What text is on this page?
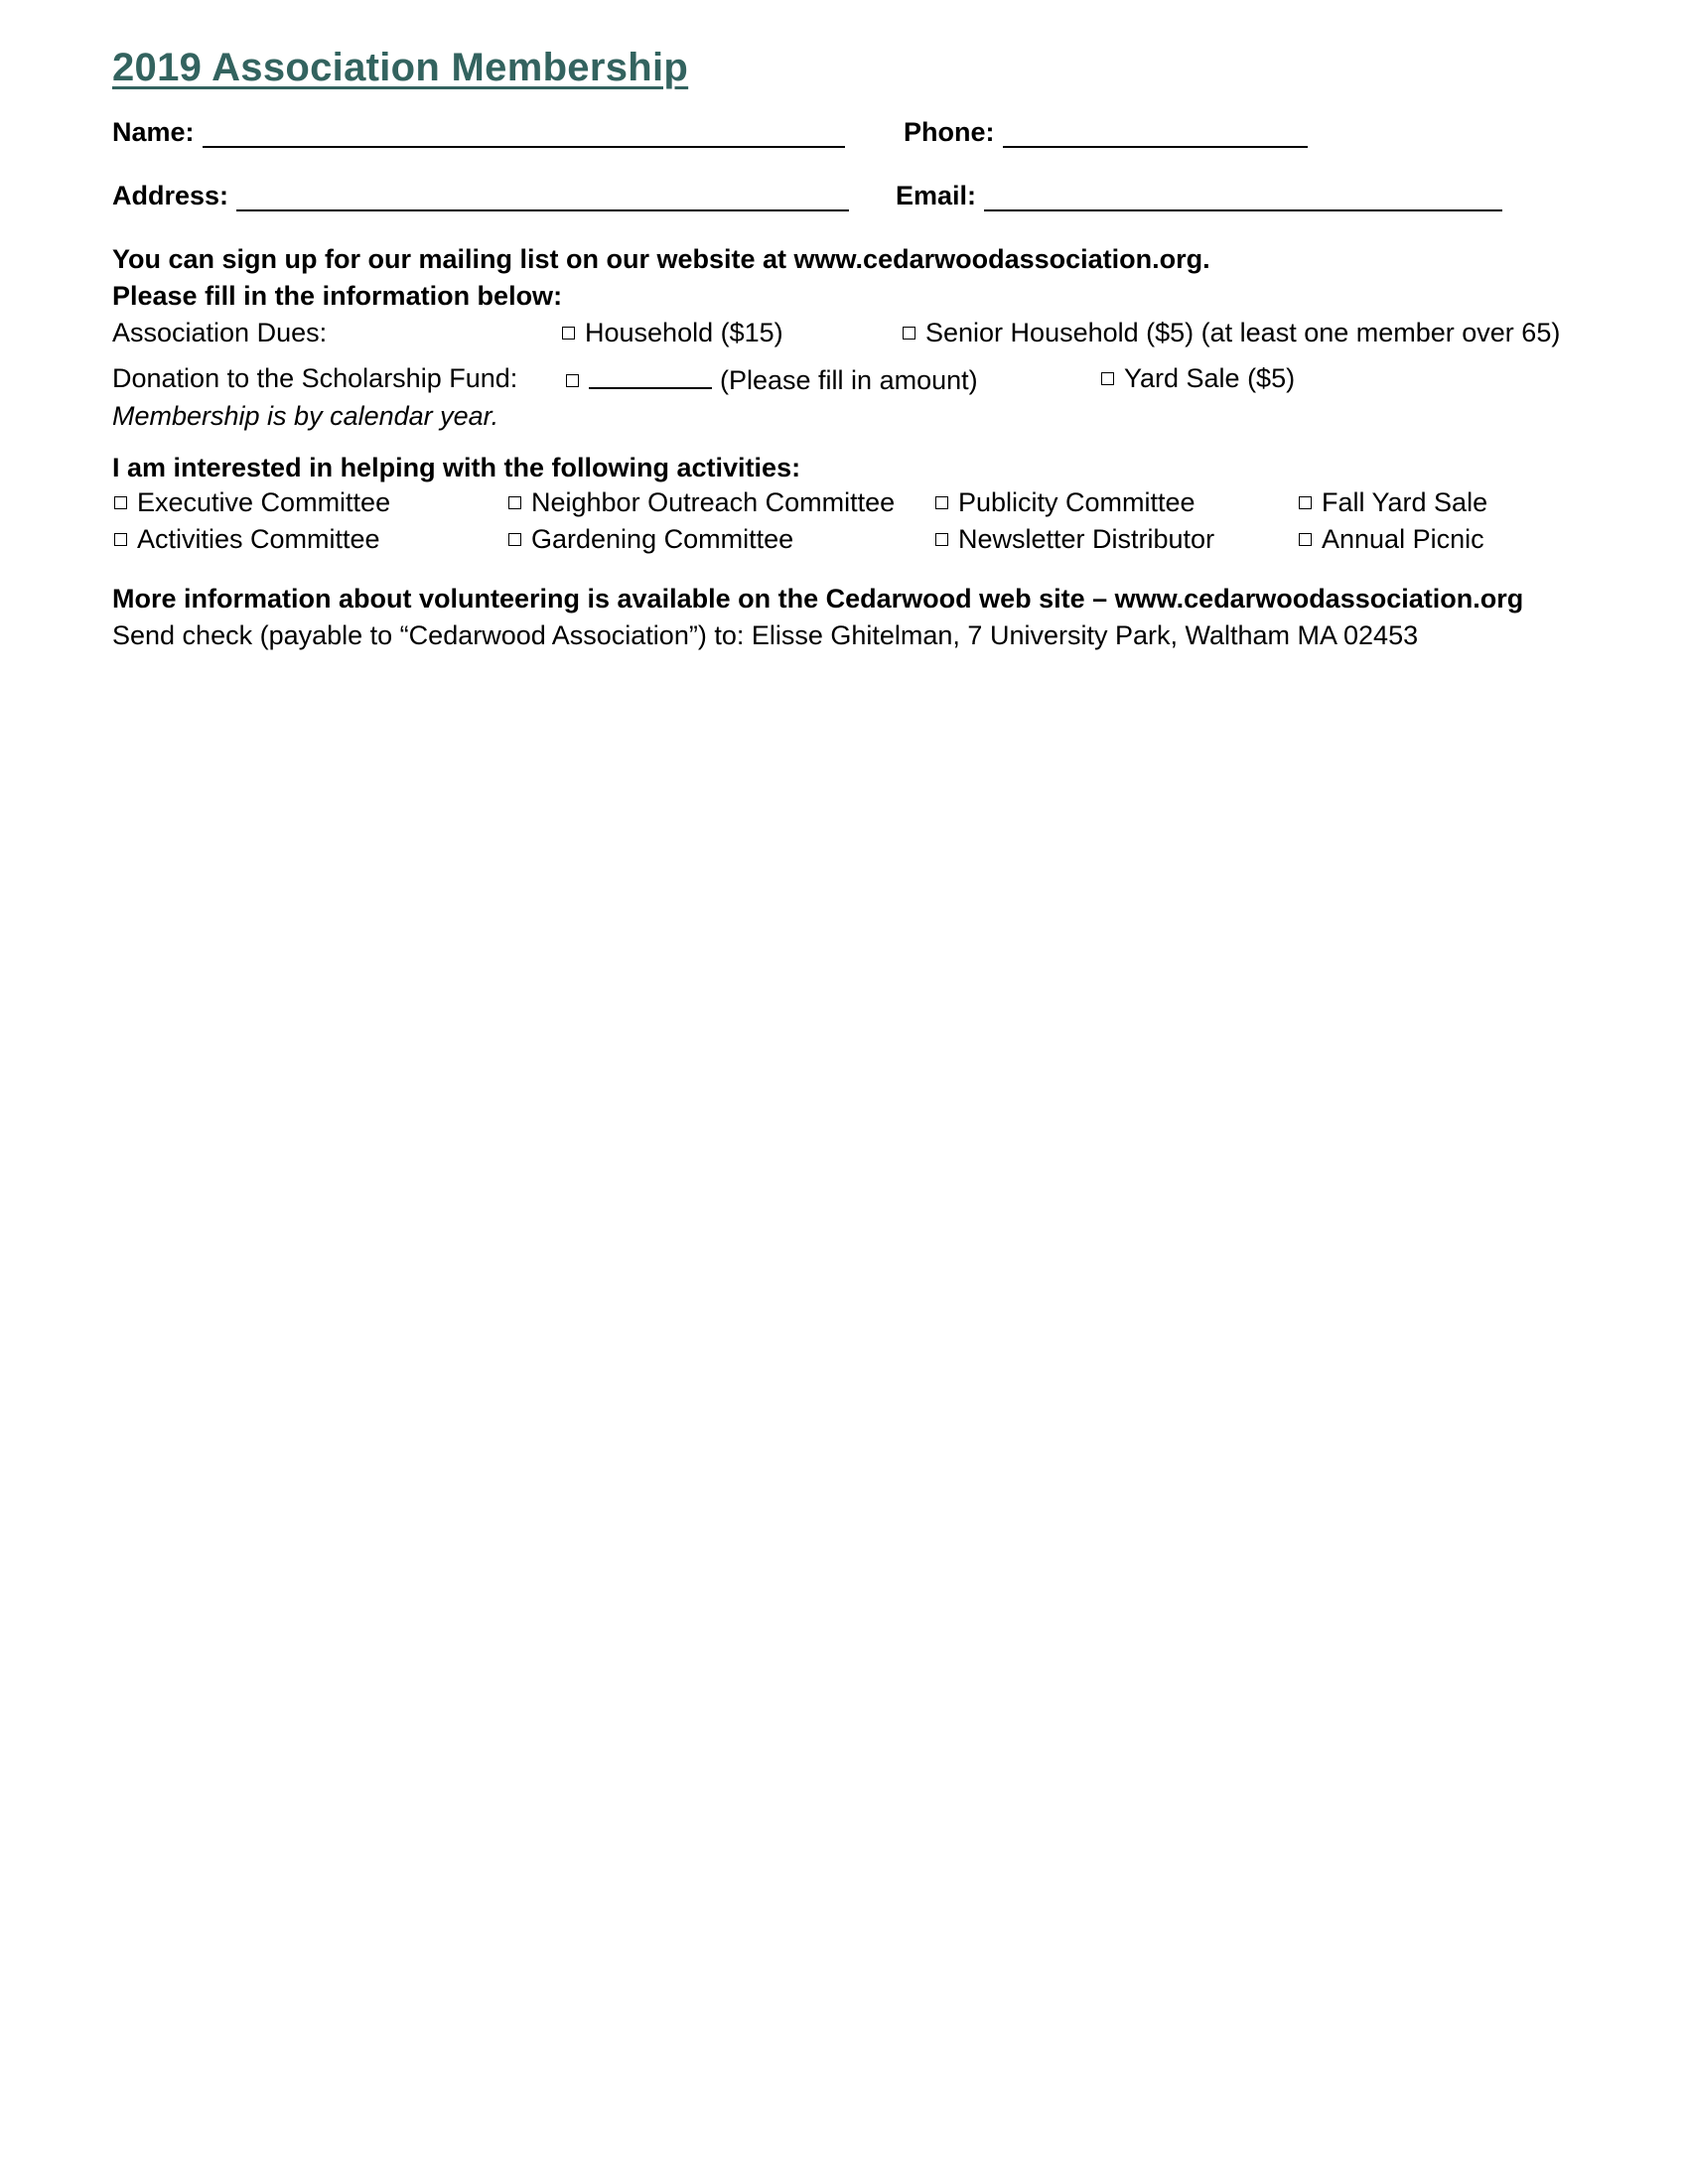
2019 Association Membership
Name:	Phone:
Address:	Email:
You can sign up for our mailing list on our website at www.cedarwoodassociation.org.
Please fill in the information below:
Association Dues:	Household ($15)	Senior Household ($5) (at least one member over 65)
Donation to the Scholarship Fund:	(Please fill in amount)	Yard Sale ($5)
Membership is by calendar year.
I am interested in helping with the following activities:
Executive Committee	Neighbor Outreach Committee	Publicity Committee	Fall Yard Sale
Activities Committee	Gardening Committee	Newsletter Distributor	Annual Picnic
More information about volunteering is available on the Cedarwood web site – www.cedarwoodassociation.org
Send check (payable to “Cedarwood Association”) to: Elisse Ghitelman, 7 University Park, Waltham MA 02453
